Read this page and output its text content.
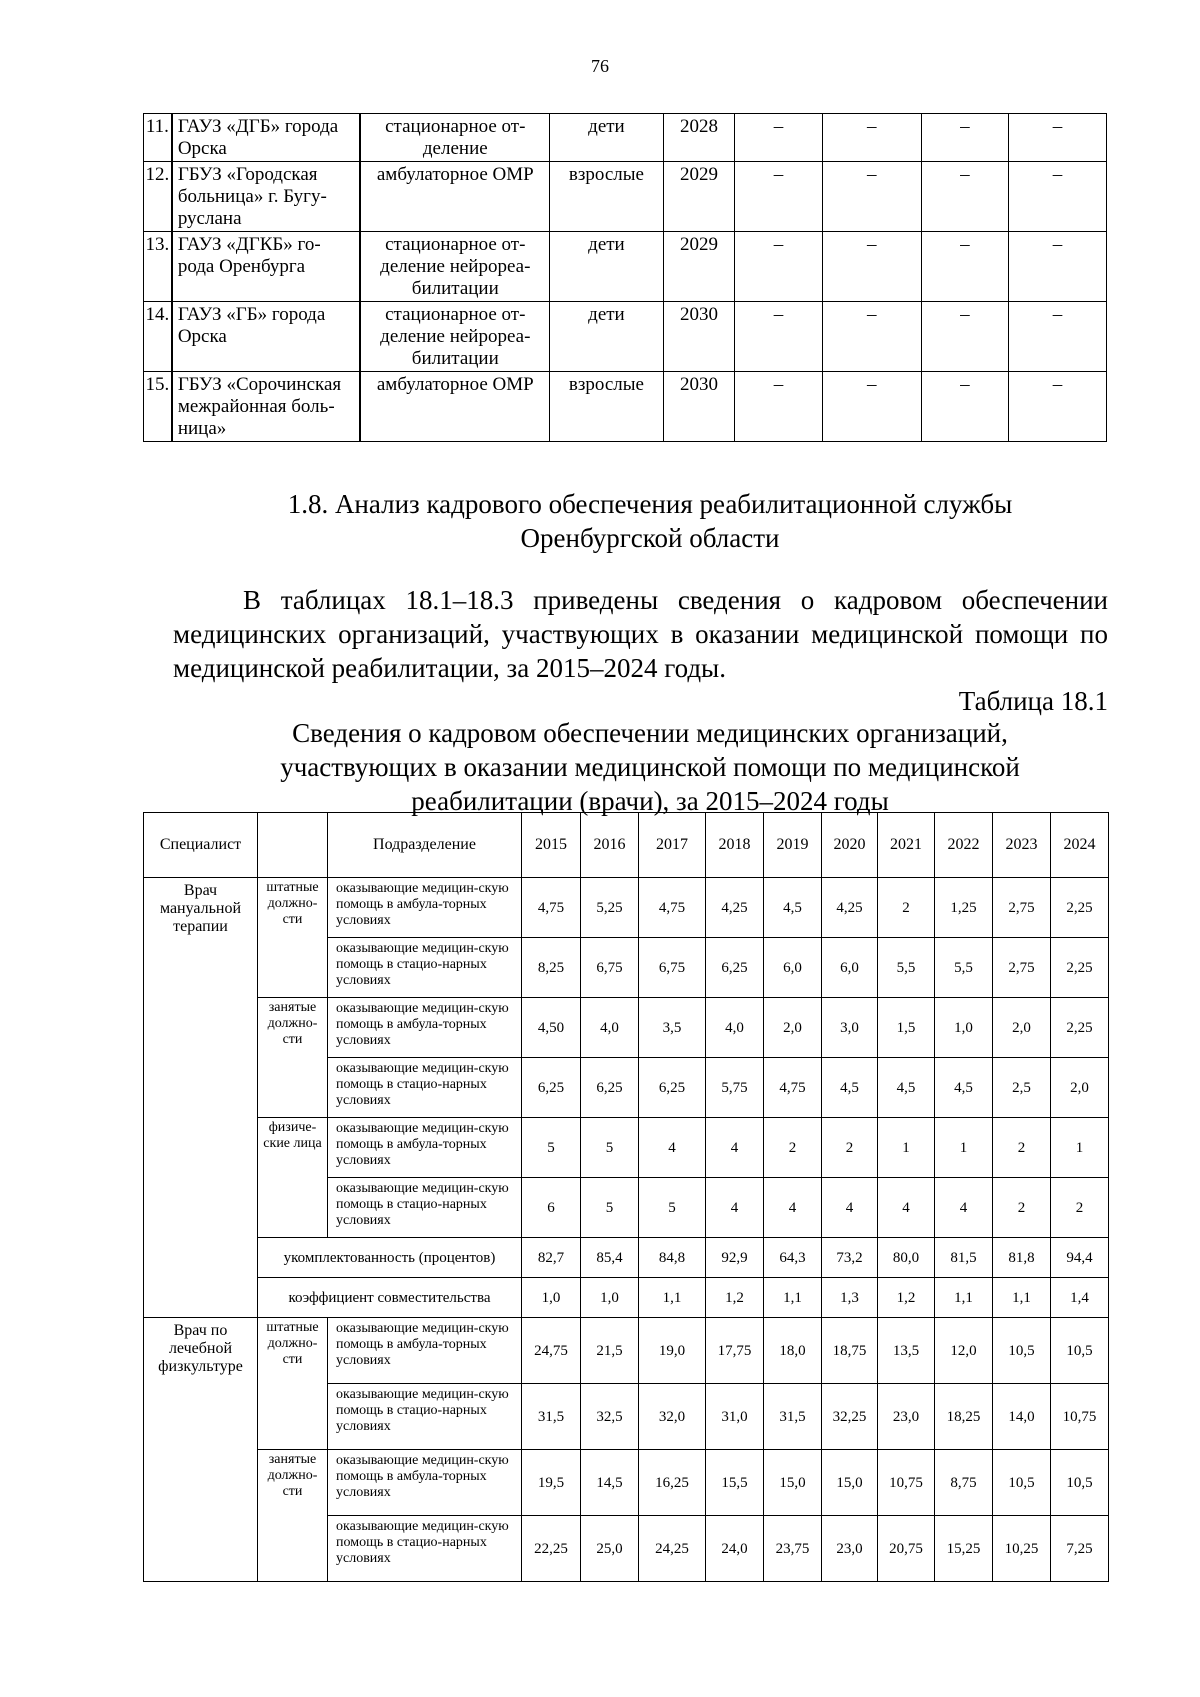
76
11.	ГАУЗ «ДГБ» города Орска	стационарное от-деление	дети	2028	–	–	–	–
12.	ГБУЗ «Городская больница» г. Бугу-руслана	амбулаторное ОМР	взрослые	2029	–	–	–	–
13.	ГАУЗ «ДГКБ» го-рода Оренбурга	стационарное от-деление нейрореа-билитации	дети	2029	–	–	–	–
14.	ГАУЗ «ГБ» города Орска	стационарное от-деление нейрореа-билитации	дети	2030	–	–	–	–
15.	ГБУЗ «Сорочинская межрайонная боль-ница»	амбулаторное ОМР	взрослые	2030	–	–	–	–
1.8. Анализ кадрового обеспечения реабилитационной службы
Оренбургской области
В таблицах 18.1–18.3 приведены сведения о кадровом обеспечении
медицинских организаций, участвующих в оказании медицинской помощи по
медицинской реабилитации, за 2015–2024 годы.
Таблица 18.1
Сведения о кадровом обеспечении медицинских организаций,
участвующих в оказании медицинской помощи по медицинской
реабилитации (врачи), за 2015–2024 годы
Специалист		Подразделение	2015	2016	2017	2018	2019	2020	2021	2022	2023	2024
Врач мануальной терапии	штатные должно-сти	оказывающие медицин-скую помощь в амбула-торных условиях	4,75	5,25	4,75	4,25	4,5	4,25	2	1,25	2,75	2,25
		оказывающие медицин-скую помощь в стацио-нарных условиях	8,25	6,75	6,75	6,25	6,0	6,0	5,5	5,5	2,75	2,25
	занятые должно-сти	оказывающие медицин-скую помощь в амбула-торных условиях	4,50	4,0	3,5	4,0	2,0	3,0	1,5	1,0	2,0	2,25
		оказывающие медицин-скую помощь в стацио-нарных условиях	6,25	6,25	6,25	5,75	4,75	4,5	4,5	4,5	2,5	2,0
	физиче-ские лица	оказывающие медицин-скую помощь в амбула-торных условиях	5	5	4	4	2	2	1	1	2	1
		оказывающие медицин-скую помощь в стацио-нарных условиях	6	5	5	4	4	4	4	4	2	2
	укомплектованность (процентов)		82,7	85,4	84,8	92,9	64,3	73,2	80,0	81,5	81,8	94,4
	коэффициент совместительства		1,0	1,0	1,1	1,2	1,1	1,3	1,2	1,1	1,1	1,4
Врач по лечебной физкультуре	штатные должно-сти	оказывающие медицин-скую помощь в амбула-торных условиях	24,75	21,5	19,0	17,75	18,0	18,75	13,5	12,0	10,5	10,5
		оказывающие медицин-скую помощь в стацио-нарных условиях	31,5	32,5	32,0	31,0	31,5	32,25	23,0	18,25	14,0	10,75
	занятые должно-сти	оказывающие медицин-скую помощь в амбула-торных условиях	19,5	14,5	16,25	15,5	15,0	15,0	10,75	8,75	10,5	10,5
		оказывающие медицин-скую помощь в стацио-нарных условиях	22,25	25,0	24,25	24,0	23,75	23,0	20,75	15,25	10,25	7,25
